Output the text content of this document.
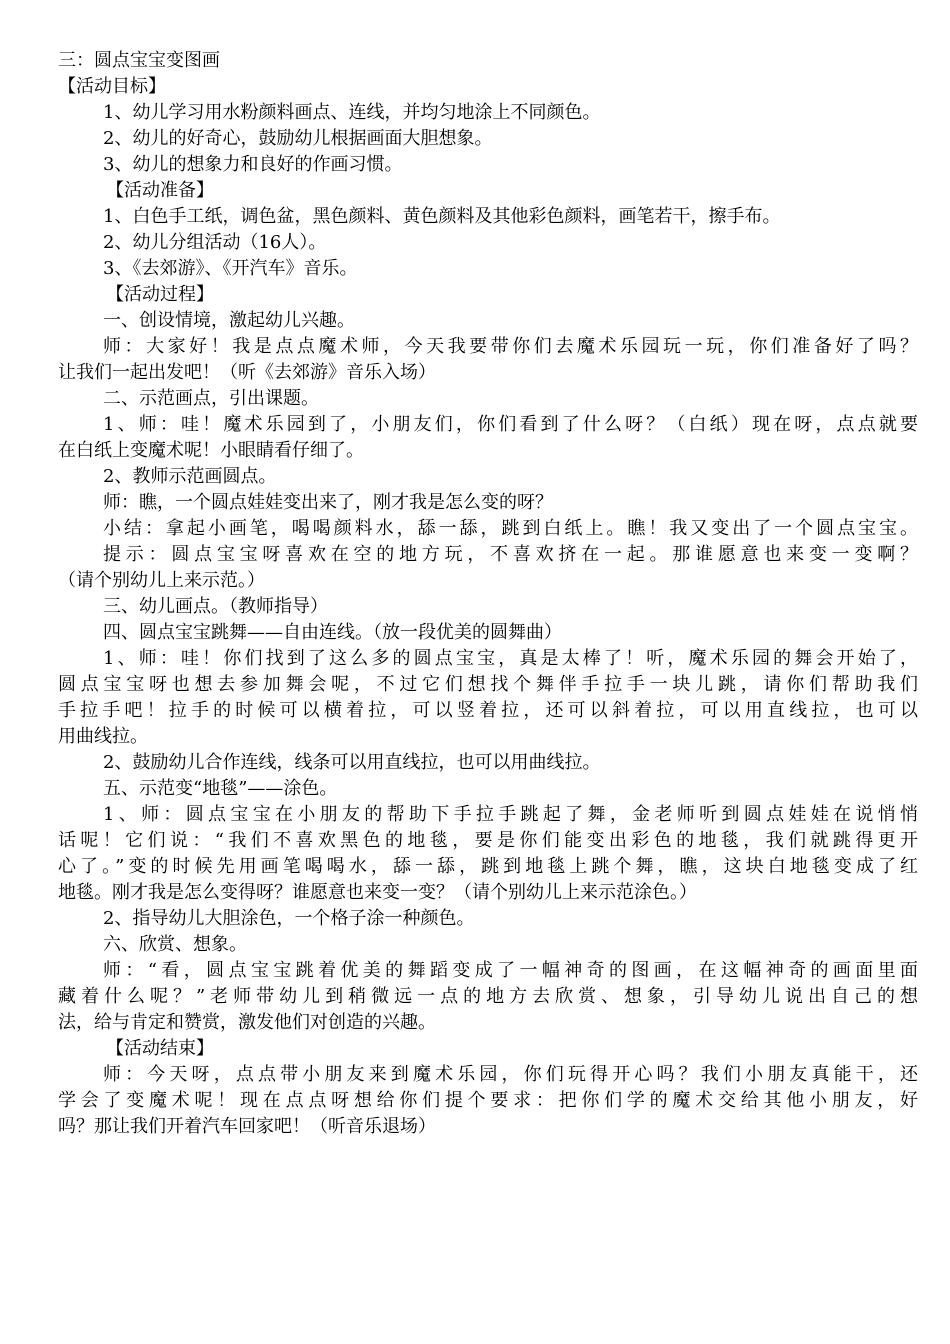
三：圆点宝宝变图画
【活动目标】
1、幼儿学习用水粉颜料画点、连线，并均匀地涂上不同颜色。
2、幼儿的好奇心，鼓励幼儿根据画面大胆想象。
3、幼儿的想象力和良好的作画习惯。
【活动准备】
1、白色手工纸，调色盆，黑色颜料、黄色颜料及其他彩色颜料，画笔若干，擦手布。
2、幼儿分组活动（16人）。
3、《去郊游》、《开汽车》音乐。
【活动过程】
一、创设情境，激起幼儿兴趣。
师：大家好！我是点点魔术师，今天我要带你们去魔术乐园玩一玩，你们准备好了吗？
让我们一起出发吧！（听《去郊游》音乐入场）
二、示范画点，引出课题。
1、师：哇！魔术乐园到了，小朋友们，你们看到了什么呀？（白纸）现在呀，点点就要
在白纸上变魔术呢！小眼睛看仔细了。
2、教师示范画圆点。
师：瞧，一个圆点娃娃变出来了，刚才我是怎么变的呀？
小结：拿起小画笔，喝喝颜料水，舔一舔，跳到白纸上。瞧！我又变出了一个圆点宝宝。
提示：圆点宝宝呀喜欢在空的地方玩，不喜欢挤在一起。那谁愿意也来变一变啊？
（请个别幼儿上来示范。）
三、幼儿画点。（教师指导）
四、圆点宝宝跳舞——自由连线。（放一段优美的圆舞曲）
1、师：哇！你们找到了这么多的圆点宝宝，真是太棒了！听，魔术乐园的舞会开始了，
圆点宝宝呀也想去参加舞会呢，不过它们想找个舞伴手拉手一块儿跳，请你们帮助我们
手拉手吧！拉手的时候可以横着拉，可以竖着拉，还可以斜着拉，可以用直线拉，也可以
用曲线拉。
2、鼓励幼儿合作连线，线条可以用直线拉，也可以用曲线拉。
五、示范变“地毯”——涂色。
1、师：圆点宝宝在小朋友的帮助下手拉手跳起了舞，金老师听到圆点娃娃在说悄悄
话呢！它们说：“我们不喜欢黑色的地毯，要是你们能变出彩色的地毯，我们就跳得更开
心了。”变的时候先用画笔喝喝水，舔一舔，跳到地毯上跳个舞，瞧，这块白地毯变成了红
地毯。刚才我是怎么变得呀？谁愿意也来变一变？（请个别幼儿上来示范涂色。）
2、指导幼儿大胆涂色，一个格子涂一种颜色。
六、欣赏、想象。
师：“看，圆点宝宝跳着优美的舞蹈变成了一幅神奇的图画，在这幅神奇的画面里面
藏着什么呢？”老师带幼儿到稍微远一点的地方去欣赏、想象，引导幼儿说出自己的想
法，给与肯定和赞赏，激发他们对创造的兴趣。
【活动结束】
师：今天呀，点点带小朋友来到魔术乐园，你们玩得开心吗？我们小朋友真能干，还
学会了变魔术呢！现在点点呀想给你们提个要求：把你们学的魔术交给其他小朋友，好
吗？那让我们开着汽车回家吧！（听音乐退场）
